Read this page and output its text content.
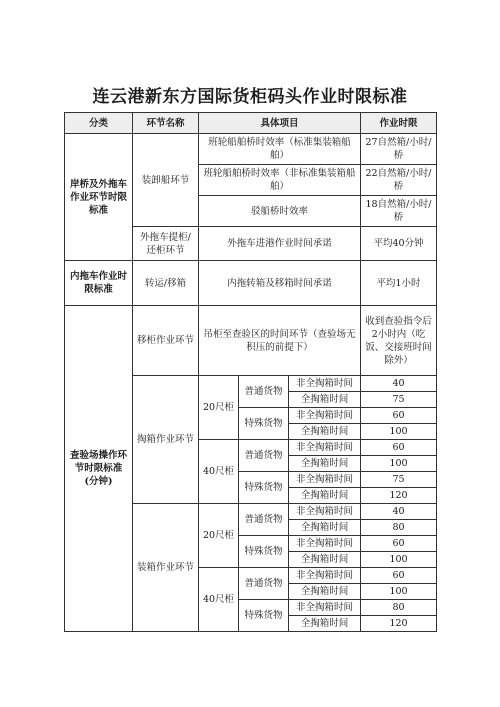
连云港新东方国际货柜码头作业时限标准
分类	环节名称	具体项目			作业时限
岸桥及外拖车作业环节时限标准	装卸船环节	班轮船舶桥时效率（标准集装箱船舶）			27自然箱/小时/桥
		班轮船舶桥时效率（非标准集装箱船舶）			22自然箱/小时/桥
		驳船桥时效率			18自然箱/小时/桥
	外拖车提柜/还柜环节	外拖车进港作业时间承诺			平均40分钟
内拖车作业时限标准	转运/移箱	内拖转箱及移箱时间承诺			平均1小时
查验场操作环节时限标准(分钟)	移柜作业环节	吊柜至查验区的时间环节（查验场无积压的前提下）			收到查验指令后2小时内（吃饭、交接班时间除外）
	掏箱作业环节	20尺柜	普通货物	非全掏箱时间	40
				全掏箱时间	75
			特殊货物	非全掏箱时间	60
				全掏箱时间	100
		40尺柜	普通货物	非全掏箱时间	60
				全掏箱时间	100
			特殊货物	非全掏箱时间	75
				全掏箱时间	120
	装箱作业环节	20尺柜	普通货物	非全掏箱时间	40
				全掏箱时间	80
			特殊货物	非全掏箱时间	60
				全掏箱时间	100
		40尺柜	普通货物	非全掏箱时间	60
				全掏箱时间	100
			特殊货物	非全掏箱时间	80
				全掏箱时间	120
